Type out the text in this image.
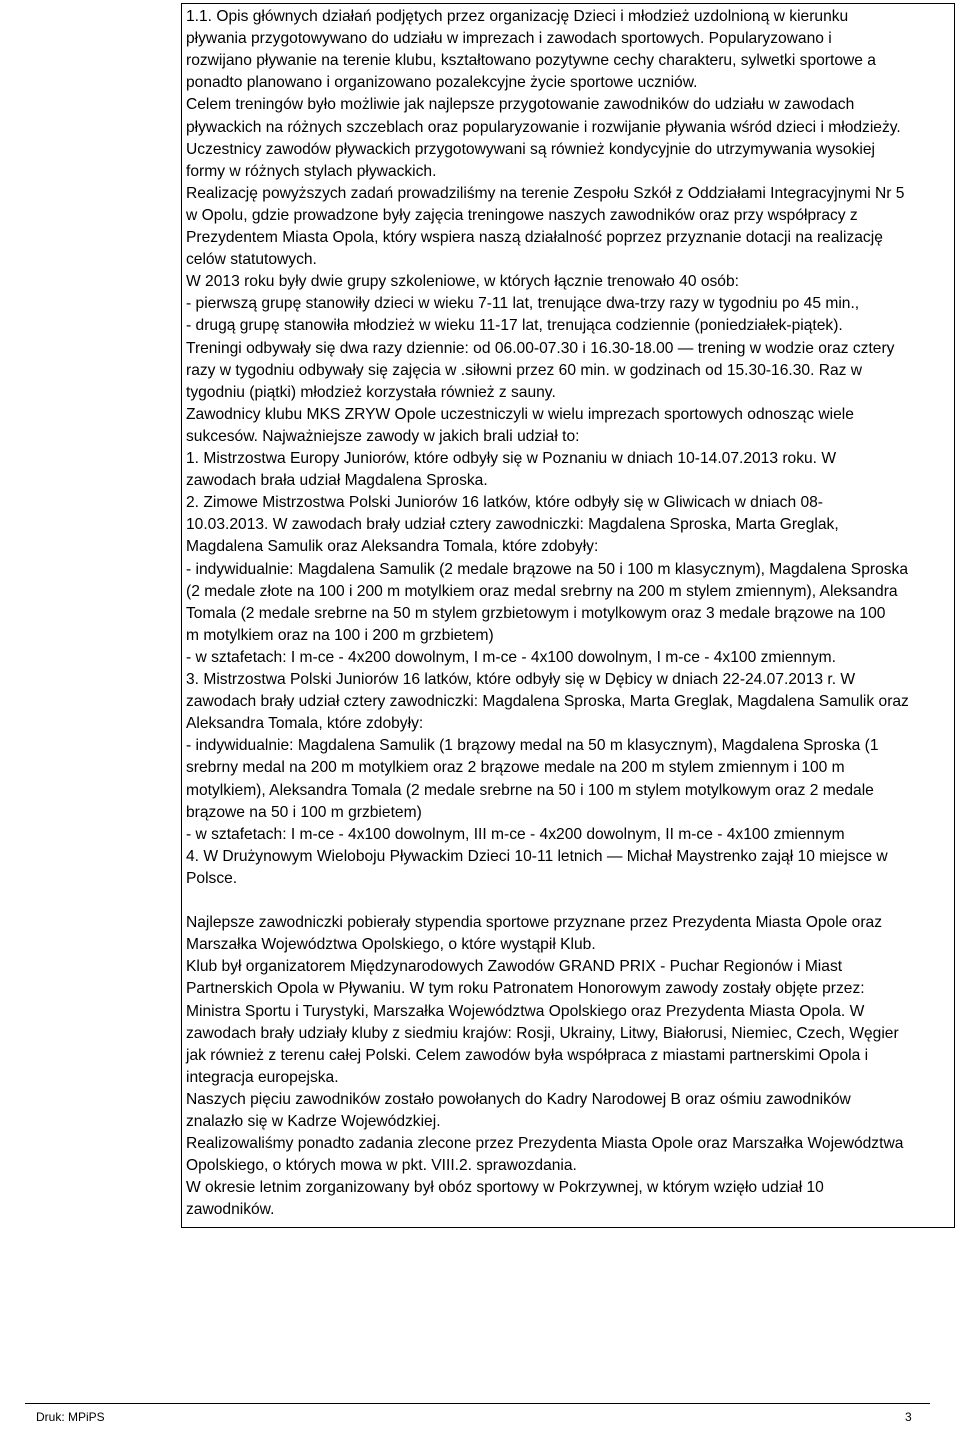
1.1. Opis głównych działań podjętych przez organizację Dzieci i młodzież uzdolnioną w kierunku
pływania przygotowywano do udziału w imprezach i zawodach sportowych. Popularyzowano i
rozwijano pływanie na terenie klubu, kształtowano pozytywne cechy charakteru, sylwetki sportowe a
ponadto planowano i organizowano pozalekcyjne życie sportowe uczniów.
Celem treningów było możliwie jak najlepsze przygotowanie zawodników do udziału w zawodach
pływackich na różnych szczeblach oraz popularyzowanie i rozwijanie pływania wśród dzieci i młodzieży.
Uczestnicy zawodów pływackich przygotowywani są również kondycyjnie do utrzymywania wysokiej
formy w różnych stylach pływackich.
Realizację powyższych zadań prowadziliśmy na terenie Zespołu Szkół z Oddziałami Integracyjnymi Nr 5
w Opolu, gdzie prowadzone były zajęcia treningowe naszych zawodników oraz przy współpracy z
Prezydentem Miasta Opola, który wspiera naszą działalność poprzez przyznanie dotacji na realizację
celów statutowych.
W 2013 roku były dwie grupy szkoleniowe, w których łącznie trenowało 40 osób:
- pierwszą grupę stanowiły dzieci w wieku 7-11 lat, trenujące dwa-trzy razy w tygodniu po 45 min.,
- drugą grupę stanowiła młodzież w wieku 11-17 lat, trenująca codziennie (poniedziałek-piątek).
Treningi odbywały się dwa razy dziennie: od 06.00-07.30 i 16.30-18.00 — trening w wodzie oraz cztery
razy w tygodniu odbywały się zajęcia w .siłowni przez 60 min. w godzinach od 15.30-16.30. Raz w
tygodniu (piątki) młodzież korzystała również z sauny.
Zawodnicy klubu MKS ZRYW Opole uczestniczyli w wielu imprezach sportowych odnosząc wiele
sukcesów. Najważniejsze zawody w jakich brali udział to:
1. Mistrzostwa Europy Juniorów, które odbyły się w Poznaniu w dniach 10-14.07.2013 roku. W
zawodach brała udział Magdalena Sproska.
2. Zimowe Mistrzostwa Polski Juniorów 16 latków, które odbyły się w Gliwicach w dniach 08-
10.03.2013. W zawodach brały udział cztery zawodniczki: Magdalena Sproska, Marta Greglak,
Magdalena Samulik oraz Aleksandra Tomala, które zdobyły:
- indywidualnie: Magdalena Samulik (2 medale brązowe na 50 i 100 m klasycznym), Magdalena Sproska
(2 medale złote na 100 i 200 m motylkiem oraz medal srebrny na 200 m stylem zmiennym), Aleksandra
Tomala (2 medale srebrne na 50 m stylem grzbietowym i motylkowym oraz 3 medale brązowe na 100
m motylkiem oraz na 100 i 200 m grzbietem)
- w sztafetach: I m-ce - 4x200 dowolnym, I m-ce - 4x100 dowolnym, I m-ce - 4x100 zmiennym.
3. Mistrzostwa Polski Juniorów 16 latków, które odbyły się w Dębicy w dniach 22-24.07.2013 r. W
zawodach brały udział cztery zawodniczki: Magdalena Sproska, Marta Greglak, Magdalena Samulik oraz
Aleksandra Tomala, które zdobyły:
- indywidualnie: Magdalena Samulik (1 brązowy medal na 50 m klasycznym), Magdalena Sproska (1
srebrny medal na 200 m motylkiem oraz 2 brązowe medale na 200 m stylem zmiennym i 100 m
motylkiem), Aleksandra Tomala (2 medale srebrne na 50 i 100 m stylem motylkowym oraz 2 medale
brązowe na 50 i 100 m grzbietem)
- w sztafetach: I m-ce - 4x100 dowolnym, III m-ce - 4x200 dowolnym, II m-ce - 4x100 zmiennym
4. W Drużynowym Wieloboju Pływackim Dzieci 10-11 letnich — Michał Maystrenko zajął 10 miejsce w
Polsce.
Najlepsze zawodniczki pobierały stypendia sportowe przyznane przez Prezydenta Miasta Opole oraz
Marszałka Województwa Opolskiego, o które wystąpił Klub.
Klub był organizatorem Międzynarodowych Zawodów GRAND PRIX - Puchar Regionów i Miast
Partnerskich Opola w Pływaniu. W tym roku Patronatem Honorowym zawody zostały objęte przez:
Ministra Sportu i Turystyki, Marszałka Województwa Opolskiego oraz Prezydenta Miasta Opola. W
zawodach brały udziały kluby z siedmiu krajów: Rosji, Ukrainy, Litwy, Białorusi, Niemiec, Czech, Węgier
jak również z terenu całej Polski. Celem zawodów była współpraca z miastami partnerskimi Opola i
integracja europejska.
Naszych pięciu zawodników zostało powołanych do Kadry Narodowej B oraz ośmiu zawodników
znalazło się w Kadrze Wojewódzkiej.
Realizowaliśmy ponadto zadania zlecone przez Prezydenta Miasta Opole oraz Marszałka Województwa
Opolskiego, o których mowa w pkt. VIII.2. sprawozdania.
W okresie letnim zorganizowany był obóz sportowy w Pokrzywnej, w którym wzięło udział 10
zawodników.
Druk: MPiPS	3
